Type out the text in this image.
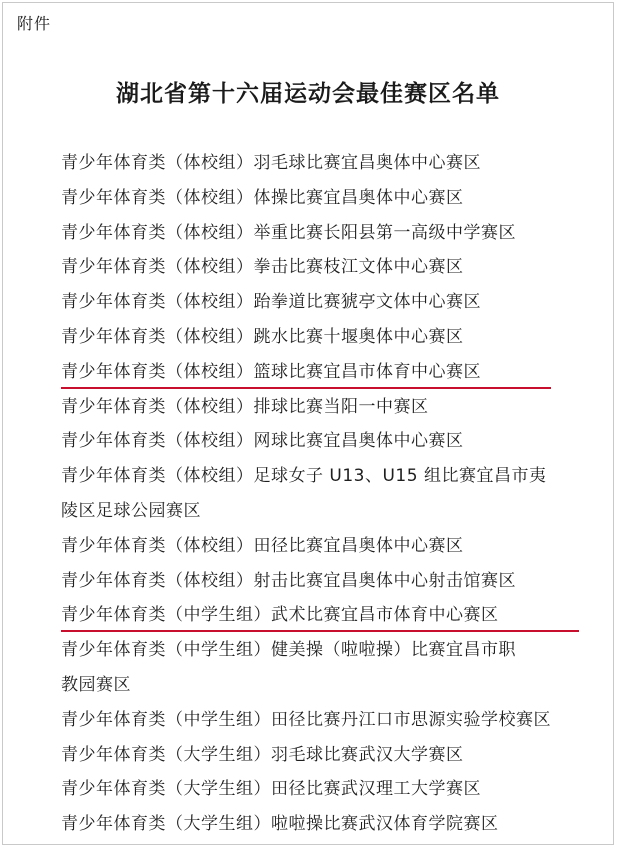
附件
湖北省第十六届运动会最佳赛区名单
青少年体育类（体校组）羽毛球比赛宜昌奥体中心赛区
青少年体育类（体校组）体操比赛宜昌奥体中心赛区
青少年体育类（体校组）举重比赛长阳县第一高级中学赛区
青少年体育类（体校组）拳击比赛枝江文体中心赛区
青少年体育类（体校组）跆拳道比赛猇亭文体中心赛区
青少年体育类（体校组）跳水比赛十堰奥体中心赛区
青少年体育类（体校组）篮球比赛宜昌市体育中心赛区
青少年体育类（体校组）排球比赛当阳一中赛区
青少年体育类（体校组）网球比赛宜昌奥体中心赛区
青少年体育类（体校组）足球女子 U13、U15 组比赛宜昌市夷
陵区足球公园赛区
青少年体育类（体校组）田径比赛宜昌奥体中心赛区
青少年体育类（体校组）射击比赛宜昌奥体中心射击馆赛区
青少年体育类（中学生组）武术比赛宜昌市体育中心赛区
青少年体育类（中学生组）健美操（啦啦操）比赛宜昌市职
教园赛区
青少年体育类（中学生组）田径比赛丹江口市思源实验学校赛区
青少年体育类（大学生组）羽毛球比赛武汉大学赛区
青少年体育类（大学生组）田径比赛武汉理工大学赛区
青少年体育类（大学生组）啦啦操比赛武汉体育学院赛区
